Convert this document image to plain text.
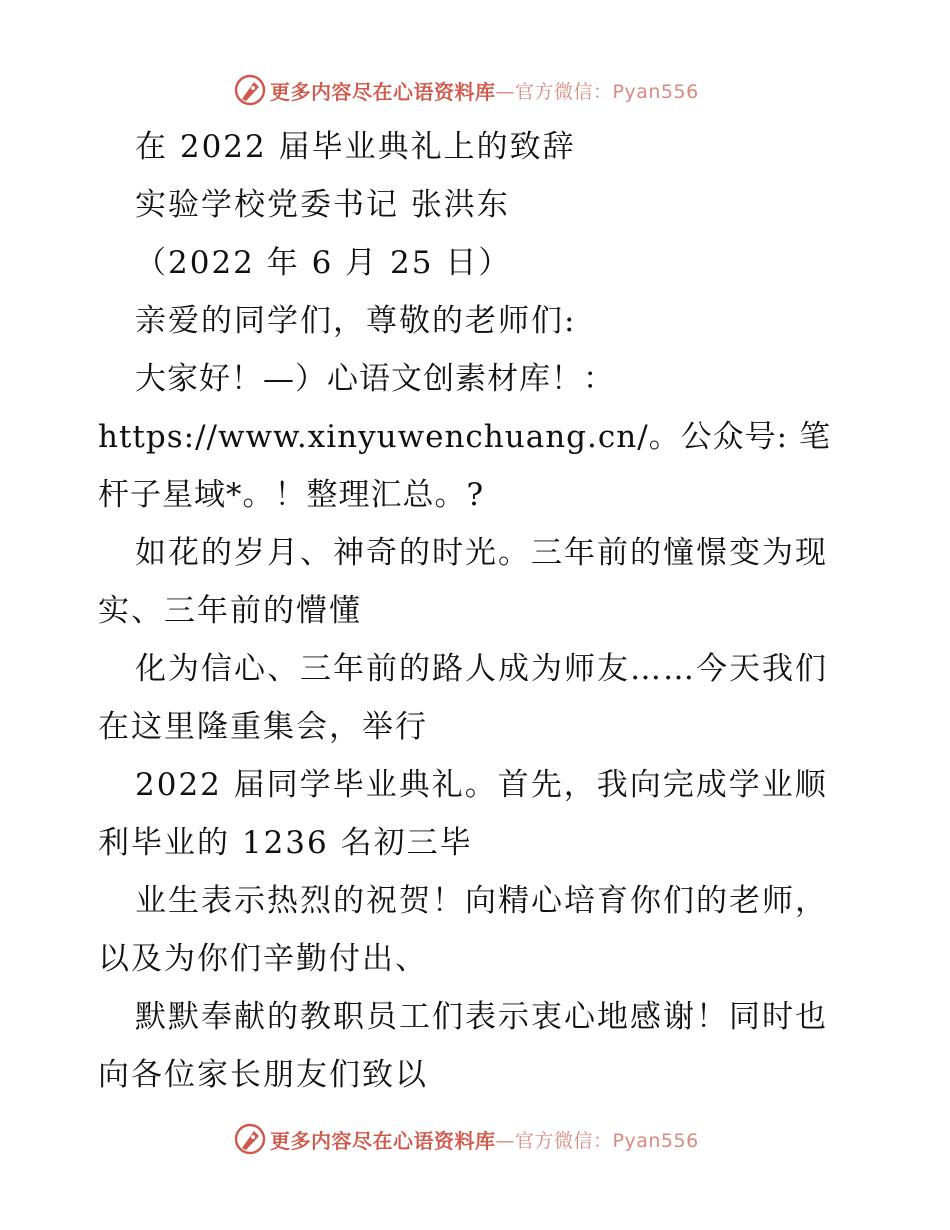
更多内容尽在心语资料库 —官方微信：Pyan556

在 2022 届毕业典礼上的致辞

实验学校党委书记 张洪东

（2022 年 6 月 25 日）

亲爱的同学们，尊敬的老师们:

大家好！—）心语文创素材库！：https://www.xinyuwenchuang.cn/。公众号: 笔杆子星域*。！整理汇总。?

如花的岁月、神奇的时光。三年前的憧憬变为现实、三年前的懵懂

化为信心、三年前的路人成为师友……今天我们在这里隆重集会，举行

2022 届同学毕业典礼。首先，我向完成学业顺利毕业的 1236 名初三毕

业生表示热烈的祝贺！向精心培育你们的老师，以及为你们辛勤付出、

默默奉献的教职员工们表示衷心地感谢！同时也向各位家长朋友们致以

更多内容尽在心语资料库 —官方微信：Pyan556
